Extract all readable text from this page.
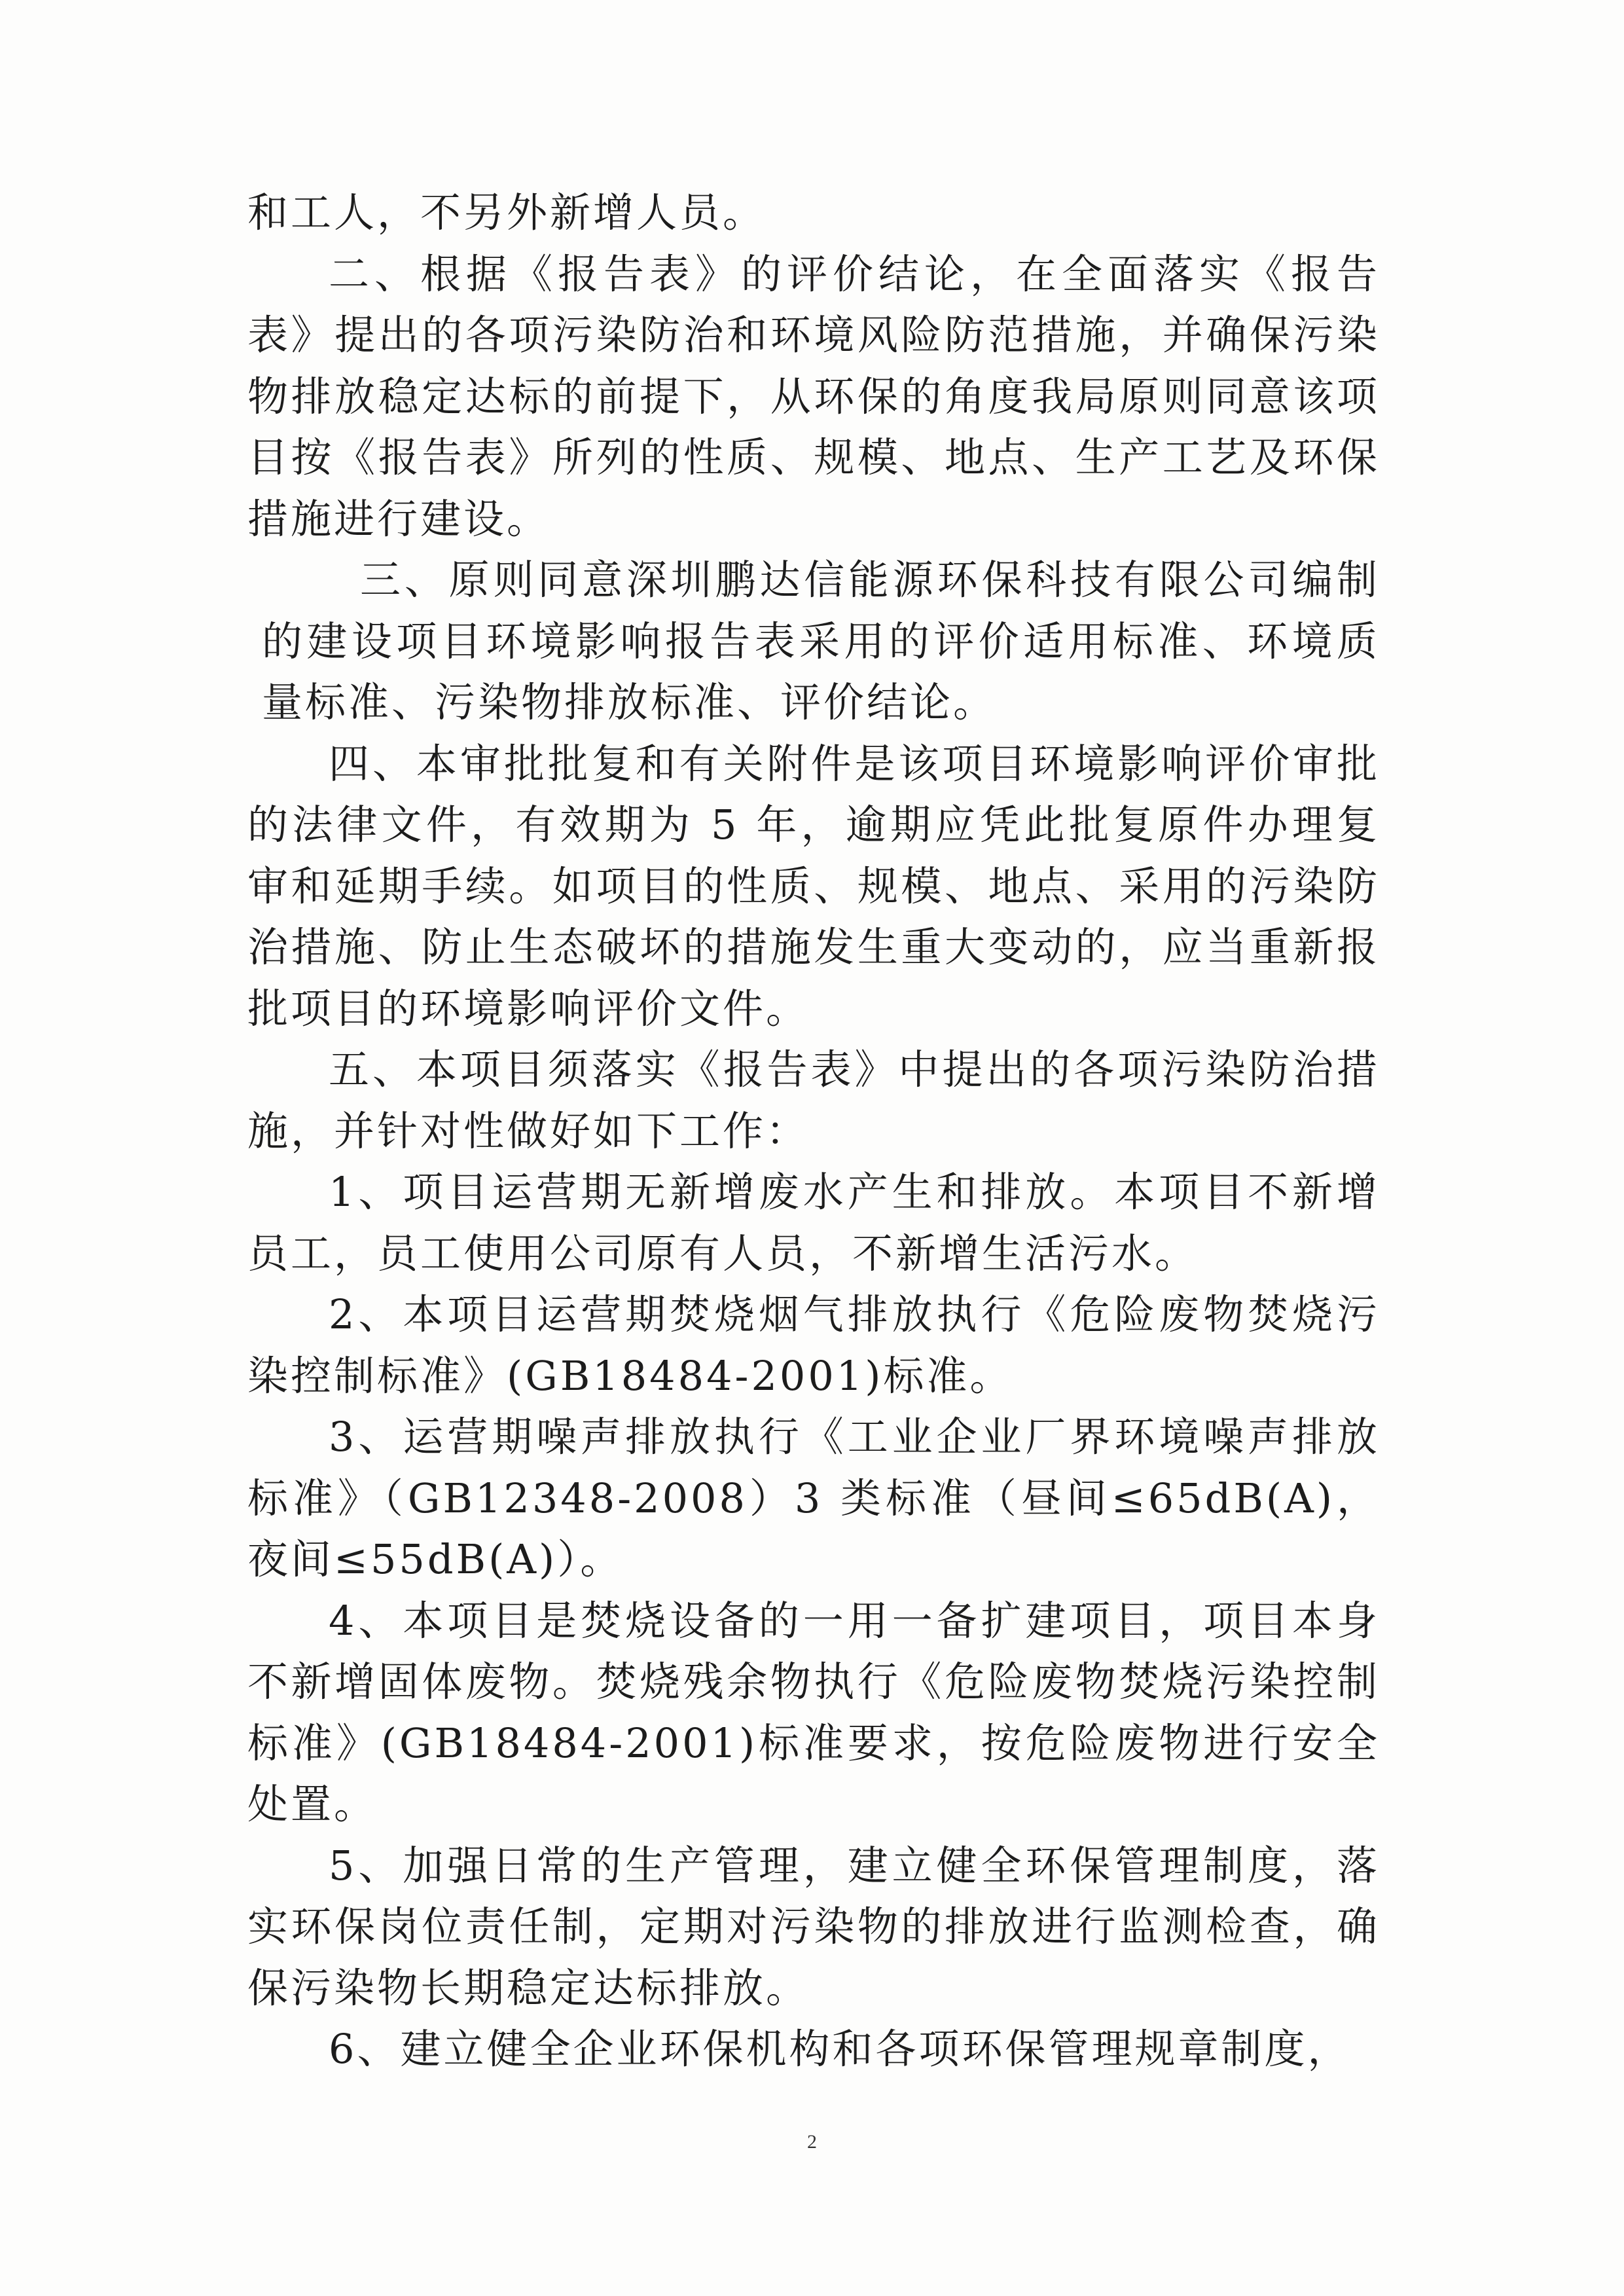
和工人，不另外新增人员。

二、根据《报告表》的评价结论，在全面落实《报告表》提出的各项污染防治和环境风险防范措施，并确保污染物排放稳定达标的前提下，从环保的角度我局原则同意该项目按《报告表》所列的性质、规模、地点、生产工艺及环保措施进行建设。

三、原则同意深圳鹏达信能源环保科技有限公司编制的建设项目环境影响报告表采用的评价适用标准、环境质量标准、污染物排放标准、评价结论。

四、本审批批复和有关附件是该项目环境影响评价审批的法律文件，有效期为 5 年，逾期应凭此批复原件办理复审和延期手续。如项目的性质、规模、地点、采用的污染防治措施、防止生态破坏的措施发生重大变动的，应当重新报批项目的环境影响评价文件。

五、本项目须落实《报告表》中提出的各项污染防治措施，并针对性做好如下工作：

1、项目运营期无新增废水产生和排放。本项目不新增员工，员工使用公司原有人员，不新增生活污水。

2、本项目运营期焚烧烟气排放执行《危险废物焚烧污染控制标准》(GB18484-2001)标准。

3、运营期噪声排放执行《工业企业厂界环境噪声排放标准》（GB12348-2008）3 类标准（昼间≤65dB(A)，夜间≤55dB(A)）。

4、本项目是焚烧设备的一用一备扩建项目，项目本身不新增固体废物。焚烧残余物执行《危险废物焚烧污染控制标准》(GB18484-2001)标准要求，按危险废物进行安全处置。

5、加强日常的生产管理，建立健全环保管理制度，落实环保岗位责任制，定期对污染物的排放进行监测检查，确保污染物长期稳定达标排放。

6、建立健全企业环保机构和各项环保管理规章制度，

2
